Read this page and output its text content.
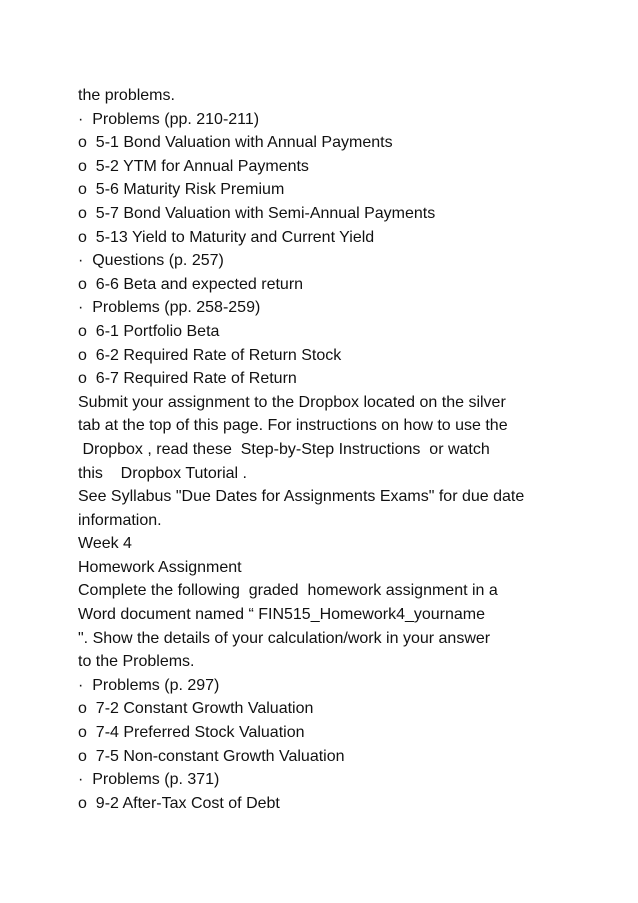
the problems.
·  Problems (pp. 210-211)
o  5-1 Bond Valuation with Annual Payments
o  5-2 YTM for Annual Payments
o  5-6 Maturity Risk Premium
o  5-7 Bond Valuation with Semi-Annual Payments
o  5-13 Yield to Maturity and Current Yield
·  Questions (p. 257)
o  6-6 Beta and expected return
·  Problems (pp. 258-259)
o  6-1 Portfolio Beta
o  6-2 Required Rate of Return Stock
o  6-7 Required Rate of Return
Submit your assignment to the Dropbox located on the silver
tab at the top of this page. For instructions on how to use the
Dropbox , read these  Step-by-Step Instructions  or watch
this    Dropbox Tutorial .
See Syllabus "Due Dates for Assignments Exams" for due date
information.
Week 4
Homework Assignment
Complete the following  graded  homework assignment in a
Word document named “ FIN515_Homework4_yourname
". Show the details of your calculation/work in your answer
to the Problems.
·  Problems (p. 297)
o  7-2 Constant Growth Valuation
o  7-4 Preferred Stock Valuation
o  7-5 Non-constant Growth Valuation
·  Problems (p. 371)
o  9-2 After-Tax Cost of Debt
